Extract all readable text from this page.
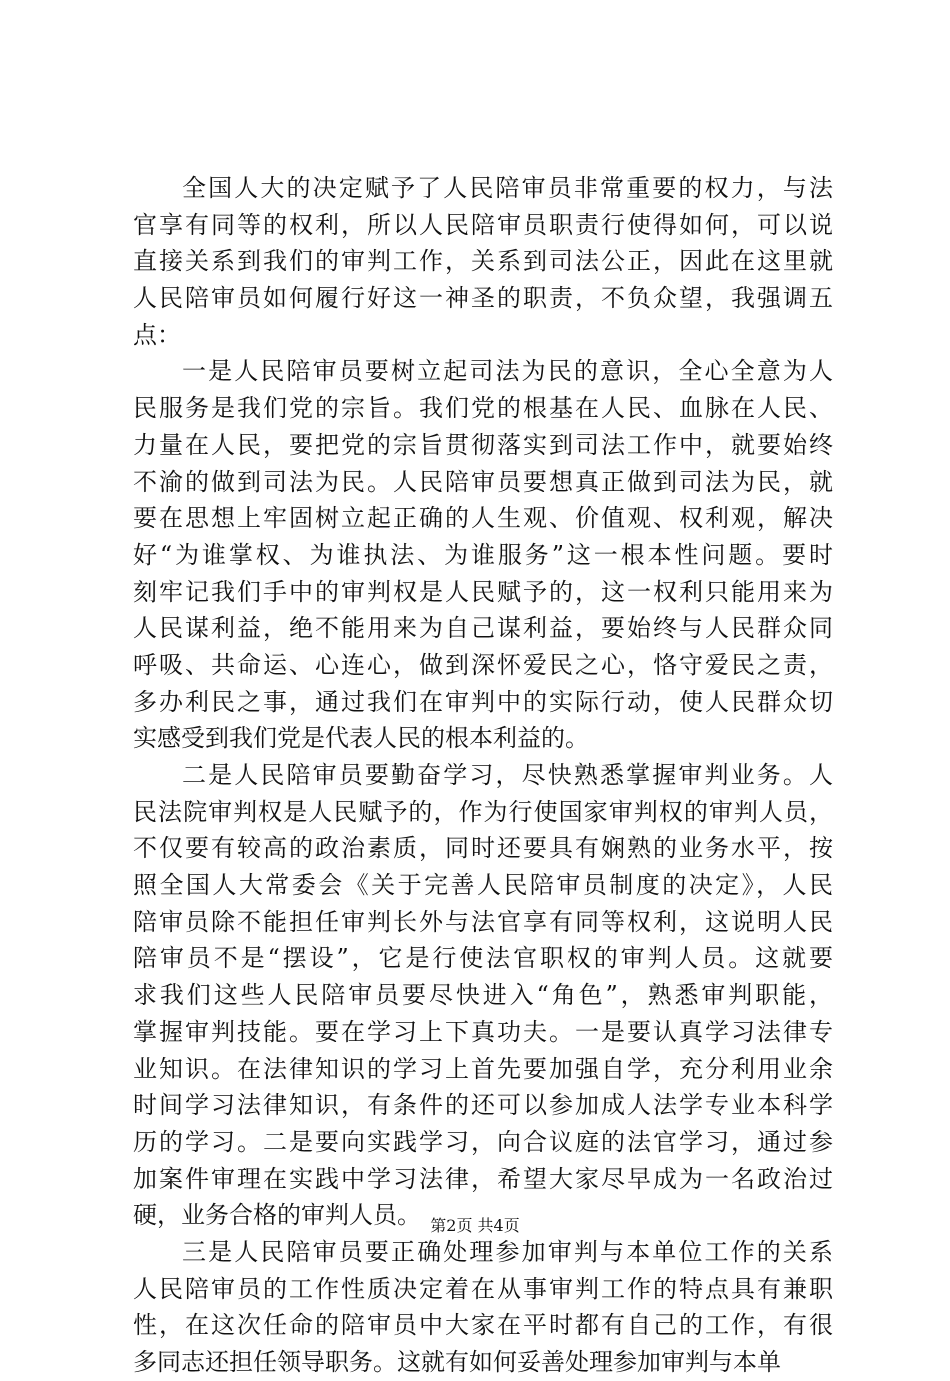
全国人大的决定赋予了人民陪审员非常重要的权力，与法
官享有同等的权利，所以人民陪审员职责行使得如何，可以说
直接关系到我们的审判工作，关系到司法公正，因此在这里就
人民陪审员如何履行好这一神圣的职责，不负众望，我强调五
点：
一是人民陪审员要树立起司法为民的意识，全心全意为人
民服务是我们党的宗旨。我们党的根基在人民、血脉在人民、
力量在人民，要把党的宗旨贯彻落实到司法工作中，就要始终
不渝的做到司法为民。人民陪审员要想真正做到司法为民，就
要在思想上牢固树立起正确的人生观、价值观、权利观，解决
好“为谁掌权、为谁执法、为谁服务”这一根本性问题。要时
刻牢记我们手中的审判权是人民赋予的，这一权利只能用来为
人民谋利益，绝不能用来为自己谋利益，要始终与人民群众同
呼吸、共命运、心连心，做到深怀爱民之心，恪守爱民之责，
多办利民之事，通过我们在审判中的实际行动，使人民群众切
实感受到我们党是代表人民的根本利益的。
二是人民陪审员要勤奋学习，尽快熟悉掌握审判业务。人
民法院审判权是人民赋予的，作为行使国家审判权的审判人员，
不仅要有较高的政治素质，同时还要具有娴熟的业务水平，按
照全国人大常委会《关于完善人民陪审员制度的决定》，人民
陪审员除不能担任审判长外与法官享有同等权利，这说明人民
陪审员不是“摆设”，它是行使法官职权的审判人员。这就要
求我们这些人民陪审员要尽快进入“角色”，熟悉审判职能，
掌握审判技能。要在学习上下真功夫。一是要认真学习法律专
业知识。在法律知识的学习上首先要加强自学，充分利用业余
时间学习法律知识，有条件的还可以参加成人法学专业本科学
历的学习。二是要向实践学习，向合议庭的法官学习，通过参
加案件审理在实践中学习法律，希望大家尽早成为一名政治过
硬，业务合格的审判人员。
三是人民陪审员要正确处理参加审判与本单位工作的关系
人民陪审员的工作性质决定着在从事审判工作的特点具有兼职
性，在这次任命的陪审员中大家在平时都有自己的工作，有很
多同志还担任领导职务。这就有如何妥善处理参加审判与本单
第2页 共4页
